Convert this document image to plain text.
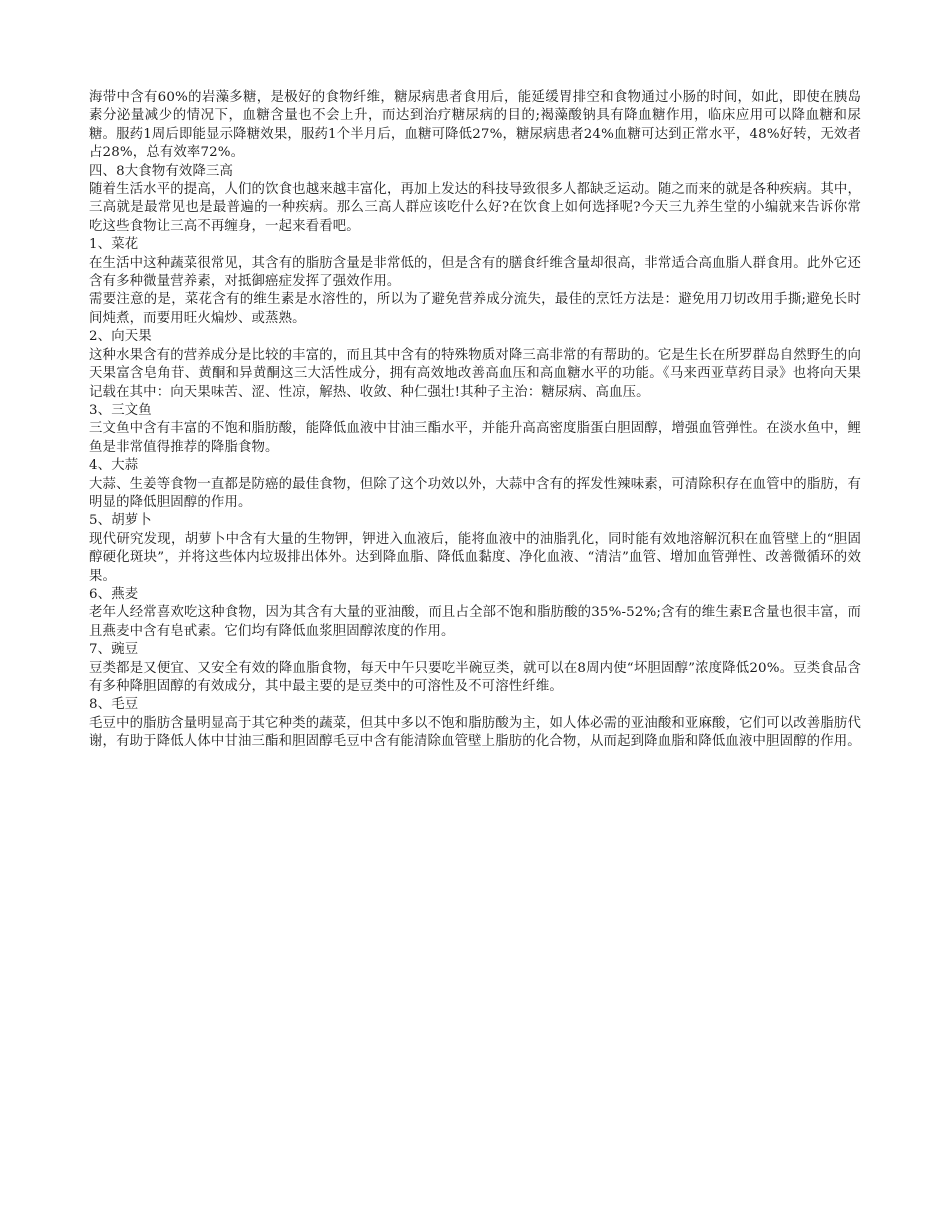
海带中含有60%的岩藻多糖，是极好的食物纤维，糖尿病患者食用后，能延缓胃排空和食物通过小肠的时间，如此，即使在胰岛素分泌量减少的情况下，血糖含量也不会上升，而达到治疗糖尿病的目的;褐藻酸钠具有降血糖作用，临床应用可以降血糖和尿糖。服药1周后即能显示降糖效果，服药1个半月后，血糖可降低27%，糖尿病患者24%血糖可达到正常水平，48%好转，无效者占28%，总有效率72%。

四、8大食物有效降三高

随着生活水平的提高，人们的饮食也越来越丰富化，再加上发达的科技导致很多人都缺乏运动。随之而来的就是各种疾病。其中，三高就是最常见也是最普遍的一种疾病。那么三高人群应该吃什么好?在饮食上如何选择呢?今天三九养生堂的小编就来告诉你常吃这些食物让三高不再缠身，一起来看看吧。

1、菜花

在生活中这种蔬菜很常见，其含有的脂肪含量是非常低的，但是含有的膳食纤维含量却很高，非常适合高血脂人群食用。此外它还含有多种微量营养素，对抵御癌症发挥了强效作用。

需要注意的是，菜花含有的维生素是水溶性的，所以为了避免营养成分流失，最佳的烹饪方法是：避免用刀切改用手撕;避免长时间炖煮，而要用旺火煸炒、或蒸熟。

2、向天果

这种水果含有的营养成分是比较的丰富的，而且其中含有的特殊物质对降三高非常的有帮助的。它是生长在所罗群岛自然野生的向天果富含皂角苷、黄酮和异黄酮这三大活性成分，拥有高效地改善高血压和高血糖水平的功能。《马来西亚草药目录》也将向天果记载在其中：向天果味苦、涩、性凉，解热、收敛、种仁强壮!其种子主治：糖尿病、高血压。

3、三文鱼

三文鱼中含有丰富的不饱和脂肪酸，能降低血液中甘油三酯水平，并能升高高密度脂蛋白胆固醇，增强血管弹性。在淡水鱼中，鲤鱼是非常值得推荐的降脂食物。

4、大蒜

大蒜、生姜等食物一直都是防癌的最佳食物，但除了这个功效以外，大蒜中含有的挥发性辣味素，可清除积存在血管中的脂肪，有明显的降低胆固醇的作用。

5、胡萝卜

现代研究发现，胡萝卜中含有大量的生物钾，钾进入血液后，能将血液中的油脂乳化，同时能有效地溶解沉积在血管壁上的“胆固醇硬化斑块”，并将这些体内垃圾排出体外。达到降血脂、降低血黏度、净化血液、“清洁”血管、增加血管弹性、改善微循环的效果。

6、燕麦

老年人经常喜欢吃这种食物，因为其含有大量的亚油酸，而且占全部不饱和脂肪酸的35%-52%;含有的维生素E含量也很丰富，而且燕麦中含有皂甙素。它们均有降低血浆胆固醇浓度的作用。

7、豌豆

豆类都是又便宜、又安全有效的降血脂食物，每天中午只要吃半碗豆类，就可以在8周内使“坏胆固醇”浓度降低20%。豆类食品含有多种降胆固醇的有效成分，其中最主要的是豆类中的可溶性及不可溶性纤维。

8、毛豆

毛豆中的脂肪含量明显高于其它种类的蔬菜，但其中多以不饱和脂肪酸为主，如人体必需的亚油酸和亚麻酸，它们可以改善脂肪代谢，有助于降低人体中甘油三酯和胆固醇毛豆中含有能清除血管壁上脂肪的化合物，从而起到降血脂和降低血液中胆固醇的作用。
